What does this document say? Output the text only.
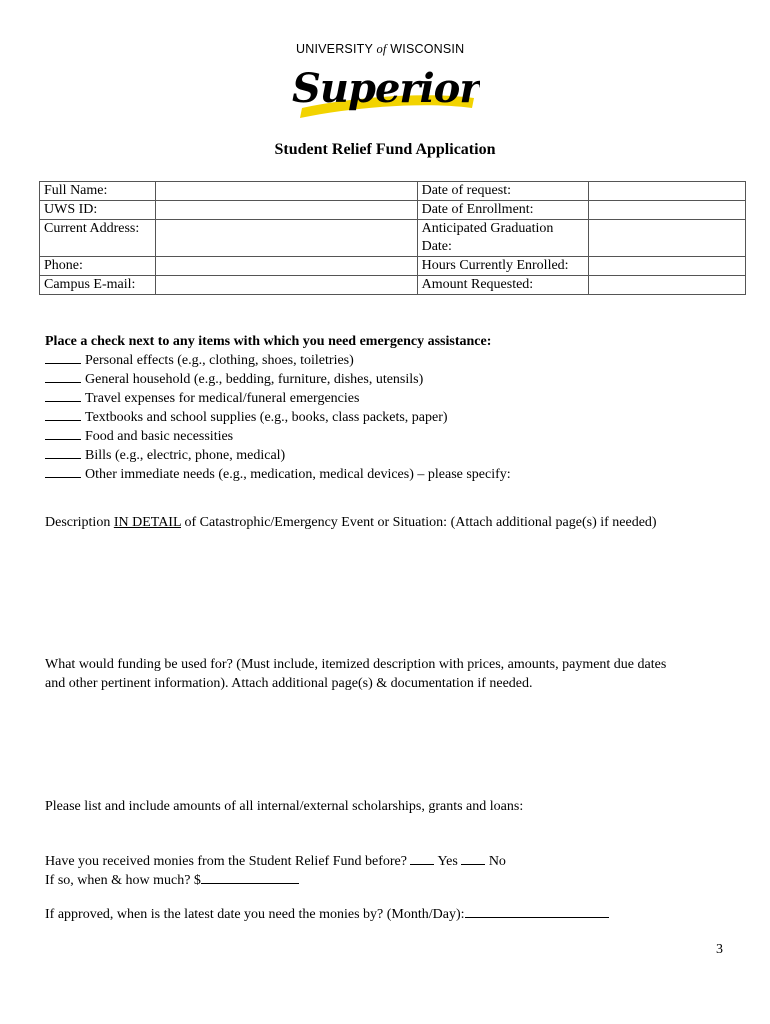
UNIVERSITY of WISCONSIN
Superior
Student Relief Fund Application
Full Name:		Date of request:	
UWS ID:		Date of Enrollment:	
Current Address:		Anticipated Graduation Date:	
Phone:		Hours Currently Enrolled:	
Campus E-mail:		Amount Requested:	
Place a check next to any items with which you need emergency assistance:
Personal effects (e.g., clothing, shoes, toiletries)
General household (e.g., bedding, furniture, dishes, utensils)
Travel expenses for medical/funeral emergencies
Textbooks and school supplies (e.g., books, class packets, paper)
Food and basic necessities
Bills (e.g., electric, phone, medical)
Other immediate needs (e.g., medication, medical devices) – please specify:
Description IN DETAIL of Catastrophic/Emergency Event or Situation: (Attach additional page(s) if needed)
What would funding be used for? (Must include, itemized description with prices, amounts, payment due dates
and other pertinent information). Attach additional page(s) & documentation if needed.
Please list and include amounts of all internal/external scholarships, grants and loans:
Have you received monies from the Student Relief Fund before? Yes No
If so, when & how much? $
If approved, when is the latest date you need the monies by? (Month/Day):
3
